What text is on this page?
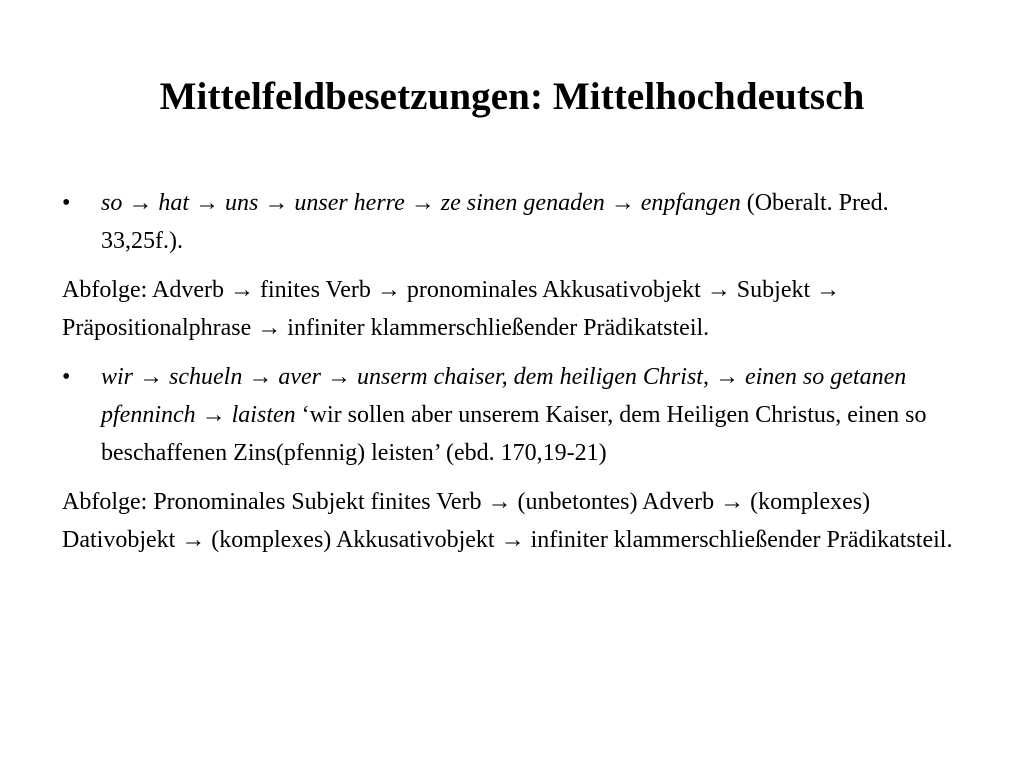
Mittelfeldbesetzungen: Mittelhochdeutsch
•	so → hat → uns → unser herre → ze sinen genaden → enpfangen (Oberalt. Pred. 33,25f.).
Abfolge: Adverb → finites Verb → pronominales Akkusativobjekt → Subjekt → Präpositionalphrase → infiniter klammerschließender Prädikatsteil.
•	wir → schueln → aver → unserm chaiser, dem heiligen Christ, → einen so getanen pfenninch → laisten ‘wir sollen aber unserem Kaiser, dem Heiligen Christus, einen so beschaffenen Zins(pfennig) leisten’ (ebd. 170,19-21)
Abfolge: Pronominales Subjekt finites Verb → (unbetontes) Adverb → (komplexes) Dativobjekt → (komplexes) Akkusativobjekt → infiniter klammerschließender Prädikatsteil.
